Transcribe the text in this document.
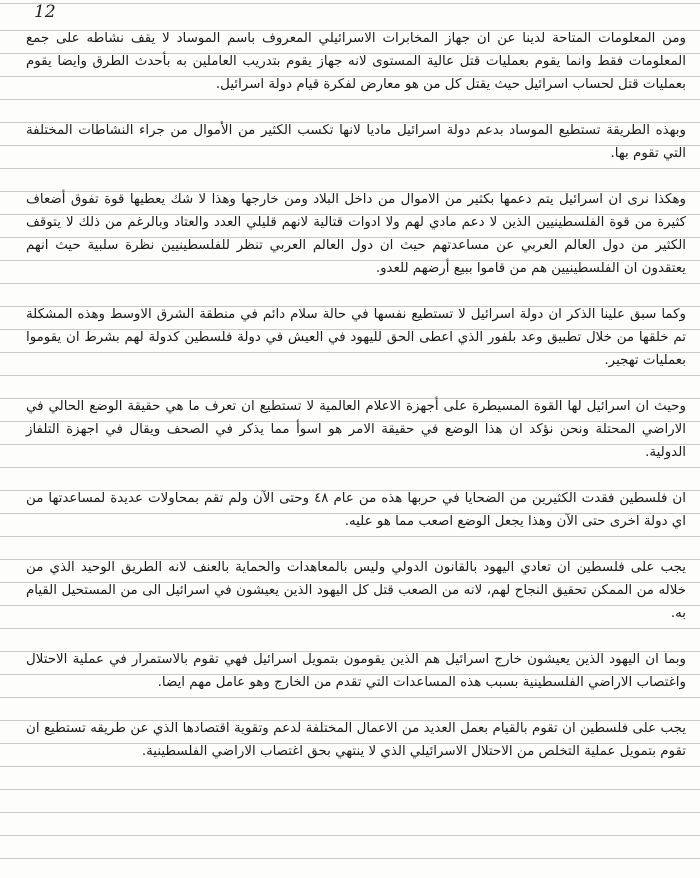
12

ومن المعلومات المتاحة لدينا عن ان جهاز المخابرات الاسرائيلي المعروف باسم الموساد لا يقف نشاطه على جمع المعلومات فقط وانما يقوم بعمليات قتل عالية المستوى لانه جهاز يقوم بتدريب العاملين به بأحدث الطرق وايضا يقوم بعمليات قتل لحساب اسرائيل حيث يقتل كل من هو معارض لفكرة قيام دولة اسرائيل.

وبهذه الطريقة تستطيع الموساد بدعم دولة اسرائيل ماديا لانها تكسب الكثير من الأموال من جراء النشاطات المختلفة التي تقوم بها.

وهكذا نرى ان اسرائيل يتم دعمها بكثير من الاموال من داخل البلاد ومن خارجها وهذا لا شك يعطيها قوة تفوق أضعاف كثيرة من قوة الفلسطينيين الذين لا دعم مادي لهم ولا ادوات قتالية لانهم قليلي العدد والعتاد وبالرغم من ذلك لا يتوقف الكثير من دول العالم العربي عن مساعدتهم حيث ان دول العالم العربي تنظر للفلسطينيين نظرة سلبية حيث انهم يعتقدون ان الفلسطينيين هم من قاموا ببيع أرضهم للعدو.

وكما سبق علينا الذكر ان دولة اسرائيل لا تستطيع نفسها في حالة سلام دائم في منطقة الشرق الاوسط وهذه المشكلة تم خلقها من خلال تطبيق وعد بلفور الذي اعطى الحق لليهود في العيش في دولة فلسطين كدولة لهم بشرط ان يقوموا بعمليات تهجير.

وحيث ان اسرائيل لها القوة المسيطرة على أجهزة الاعلام العالمية لا تستطيع ان تعرف ما هي حقيقة الوضع الحالي في الاراضي المحتلة ونحن نؤكد ان هذا الوضع في حقيقة الامر هو اسوأ مما يذكر في الصحف ويقال في اجهزة التلفاز الدولية.

ان فلسطين فقدت الكثيرين من الضحايا في حربها هذه من عام ٤٨ وحتى الآن ولم تقم بمحاولات عديدة لمساعدتها من اي دولة اخرى حتى الآن وهذا يجعل الوضع اصعب مما هو عليه.

يجب على فلسطين ان تعادي اليهود بالقانون الدولي وليس بالمعاهدات والحماية بالعنف لانه الطريق الوحيد الذي من خلاله من الممكن تحقيق النجاح لهم، لانه من الصعب قتل كل اليهود الذين يعيشون في اسرائيل الى من المستحيل القيام به.

وبما ان اليهود الذين يعيشون خارج اسرائيل هم الذين يقومون بتمويل اسرائيل فهي تقوم بالاستمرار في عملية الاحتلال واغتصاب الاراضي الفلسطينية بسبب هذه المساعدات التي تقدم من الخارج وهو عامل مهم ايضا.

يجب على فلسطين ان تقوم بالقيام بعمل العديد من الاعمال المختلفة لدعم وتقوية اقتصادها الذي عن طريقه تستطيع ان تقوم بتمويل عملية التخلص من الاحتلال الاسرائيلي الذي لا ينتهي بحق اغتصاب الاراضي الفلسطينية.
